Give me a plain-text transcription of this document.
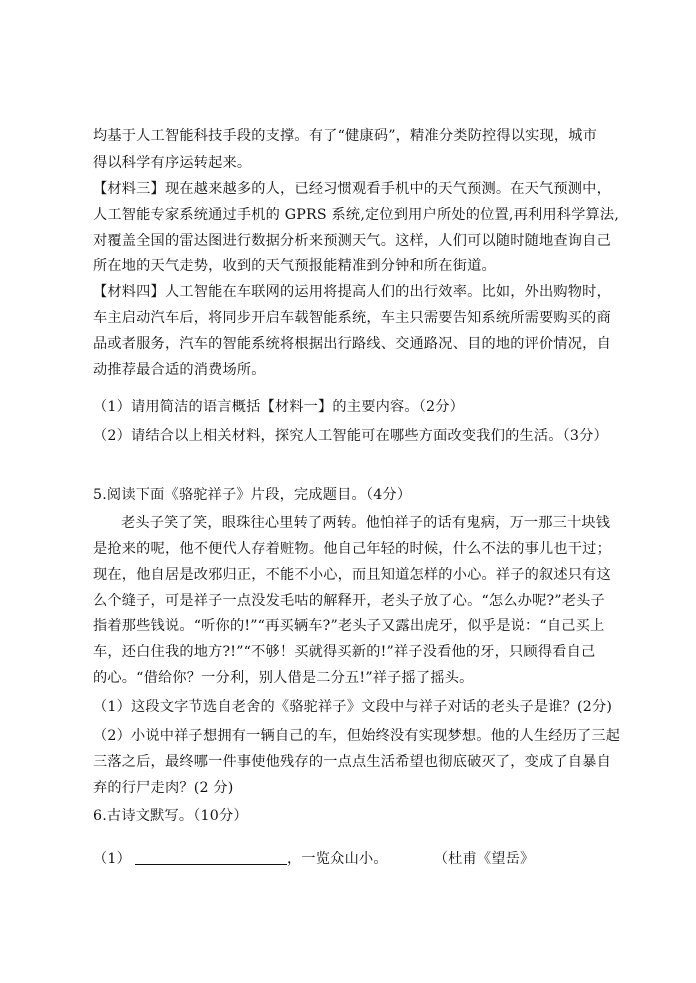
均基于人工智能科技手段的支撑。有了“健康码”，精准分类防控得以实现，城市
得以科学有序运转起来。
【材料三】现在越来越多的人，已经习惯观看手机中的天气预测。在天气预测中，
人工智能专家系统通过手机的 GPRS 系统,定位到用户所处的位置,再利用科学算法,
对覆盖全国的雷达图进行数据分析来预测天气。这样，人们可以随时随地查询自己
所在地的天气走势，收到的天气预报能精准到分钟和所在街道。
【材料四】人工智能在车联网的运用将提高人们的出行效率。比如，外出购物时，
车主启动汽车后，将同步开启车载智能系统，车主只需要告知系统所需要购买的商
品或者服务，汽车的智能系统将根据出行路线、交通路况、目的地的评价情况，自
动推荐最合适的消费场所。
（1）请用简洁的语言概括【材料一】的主要内容。（2分）
（2）请结合以上相关材料，探究人工智能可在哪些方面改变我们的生活。（3分）
5.阅读下面《骆驼祥子》片段，完成题目。（4分）
老头子笑了笑，眼珠往心里转了两转。他怕祥子的话有鬼病，万一那三十块钱
是抢来的呢，他不便代人存着赃物。他自己年轻的时候，什么不法的事儿也干过；
现在，他自居是改邪归正，不能不小心，而且知道怎样的小心。祥子的叙述只有这
么个缝子，可是祥子一点没发毛咕的解释开，老头子放了心。“怎么办呢?”老头子
指着那些钱说。“听你的!”“再买辆车?”老头子又露出虎牙，似乎是说：“自己买上
车，还白住我的地方?!”“不够！买就得买新的!”祥子没看他的牙，只顾得看自己
的心。“借给你？一分利，别人借是二分五!”祥子摇了摇头。
（1）这段文字节选自老舍的《骆驼祥子》文段中与祥子对话的老头子是谁？(2分)
（2）小说中祥子想拥有一辆自己的车，但始终没有实现梦想。他的人生经历了三起
三落之后，最终哪一件事使他残存的一点点生活希望也彻底破灭了，变成了自暴自
弃的行尸走肉？(2 分)
6.古诗文默写。（10分）
（1）	，一览众山小。	（杜甫《望岳》
